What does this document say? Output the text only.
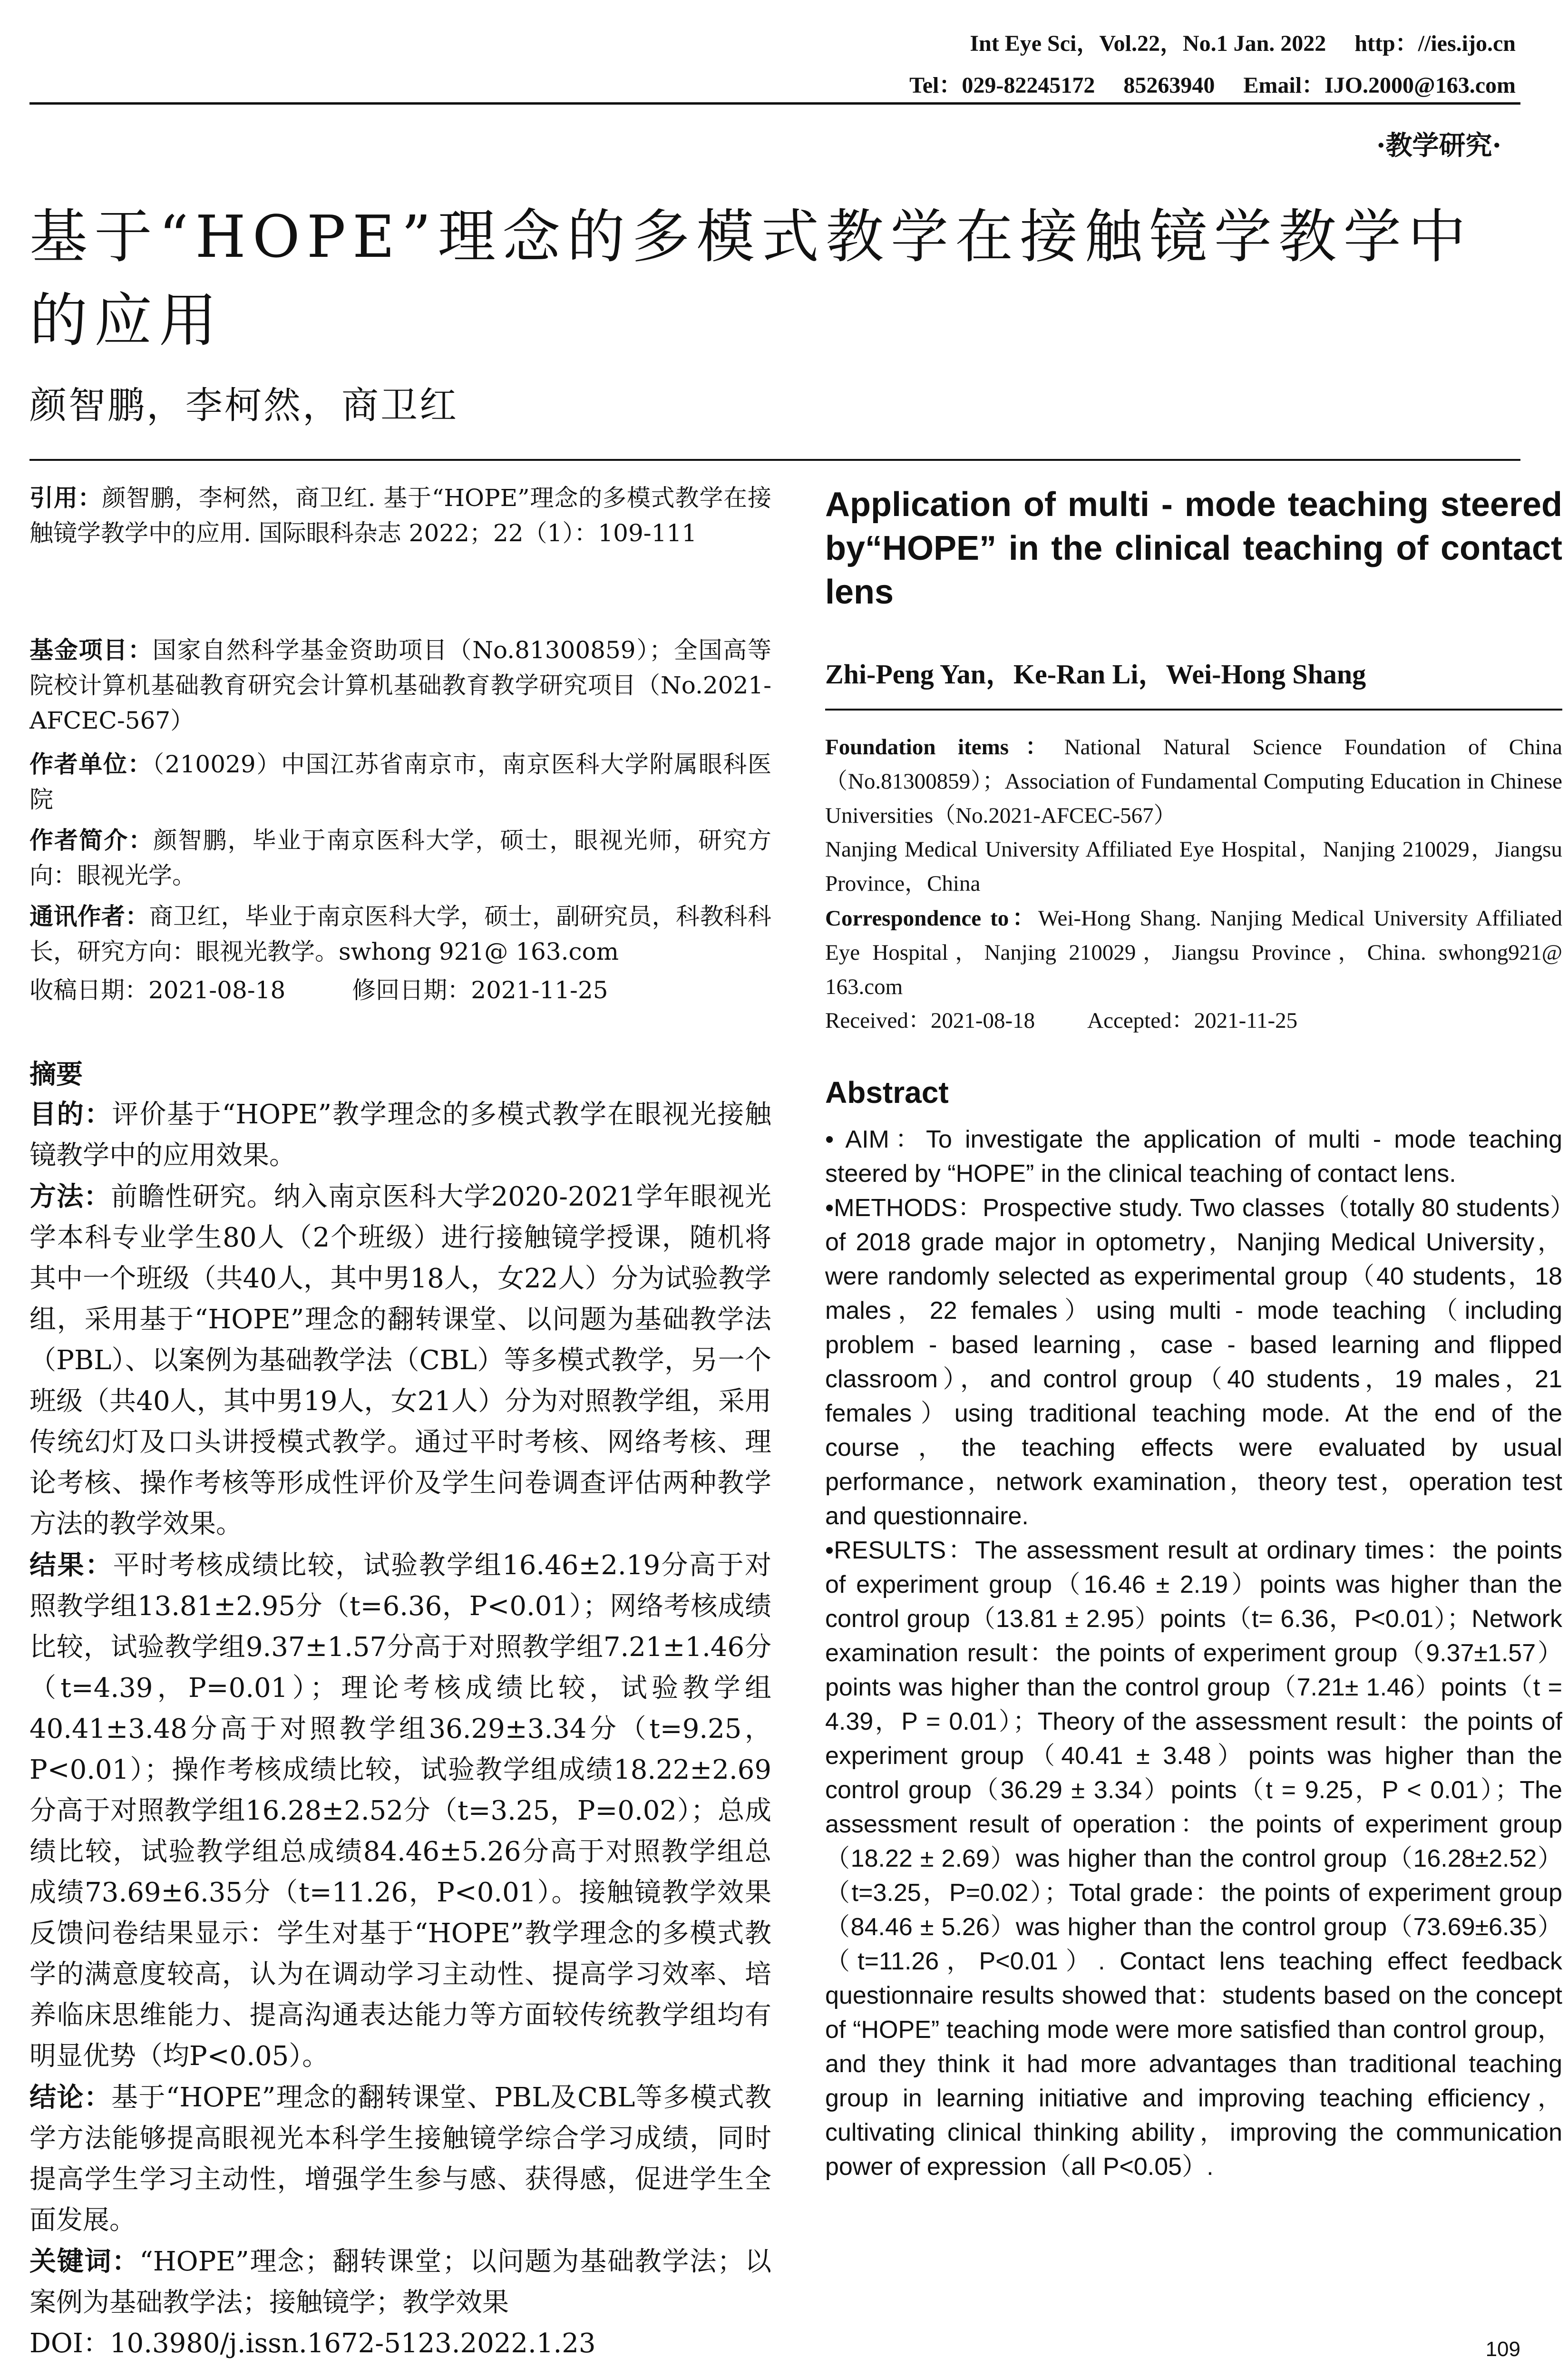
Int Eye Sci，Vol.22，No.1 Jan. 2022 http：//ies.ijo.cn
Tel：029-82245172 85263940 Email：IJO.2000@163.com
·教学研究·
基于“HOPE”理念的多模式教学在接触镜学教学中的应用
颜智鹏，李柯然，商卫红
引用：颜智鹏，李柯然，商卫红. 基于“HOPE”理念的多模式教学在接触镜学教学中的应用. 国际眼科杂志 2022；22（1）：109-111
基金项目：国家自然科学基金资助项目（No.81300859）；全国高等院校计算机基础教育研究会计算机基础教育教学研究项目（No.2021-AFCEC-567）
作者单位：（210029）中国江苏省南京市，南京医科大学附属眼科医院
作者简介：颜智鹏，毕业于南京医科大学，硕士，眼视光师，研究方向：眼视光学。
通讯作者：商卫红，毕业于南京医科大学，硕士，副研究员，科教科科长，研究方向：眼视光教学。swhong 921@ 163.com
收稿日期：2021-08-18	修回日期：2021-11-25
摘要
目的：评价基于“HOPE”教学理念的多模式教学在眼视光接触镜教学中的应用效果。
方法：前瞻性研究。纳入南京医科大学2020-2021学年眼视光学本科专业学生80人（2个班级）进行接触镜学授课，随机将其中一个班级（共40人，其中男18人，女22人）分为试验教学组，采用基于“HOPE”理念的翻转课堂、以问题为基础教学法（PBL）、以案例为基础教学法（CBL）等多模式教学，另一个班级（共40人，其中男19人，女21人）分为对照教学组，采用传统幻灯及口头讲授模式教学。通过平时考核、网络考核、理论考核、操作考核等形成性评价及学生问卷调查评估两种教学方法的教学效果。
结果：平时考核成绩比较，试验教学组16.46±2.19分高于对照教学组13.81±2.95分（t=6.36，P<0.01）；网络考核成绩比较，试验教学组9.37±1.57分高于对照教学组7.21±1.46分（t=4.39，P=0.01）；理论考核成绩比较，试验教学组40.41±3.48分高于对照教学组36.29±3.34分（t=9.25，P<0.01）；操作考核成绩比较，试验教学组成绩18.22±2.69分高于对照教学组16.28±2.52分（t=3.25，P=0.02）；总成绩比较，试验教学组总成绩84.46±5.26分高于对照教学组总成绩73.69±6.35分（t=11.26，P<0.01）。接触镜教学效果反馈问卷结果显示：学生对基于“HOPE”教学理念的多模式教学的满意度较高，认为在调动学习主动性、提高学习效率、培养临床思维能力、提高沟通表达能力等方面较传统教学组均有明显优势（均P<0.05）。
结论：基于“HOPE”理念的翻转课堂、PBL及CBL等多模式教学方法能够提高眼视光本科学生接触镜学综合学习成绩，同时提高学生学习主动性，增强学生参与感、获得感，促进学生全面发展。
关键词：“HOPE”理念；翻转课堂；以问题为基础教学法；以案例为基础教学法；接触镜学；教学效果
DOI：10.3980/j.issn.1672-5123.2022.1.23
Application of multi - mode teaching steered by“HOPE” in the clinical teaching of contact lens
Zhi-Peng Yan，Ke-Ran Li，Wei-Hong Shang
Foundation items：National Natural Science Foundation of China（No.81300859）；Association of Fundamental Computing Education in Chinese Universities（No.2021-AFCEC-567）
Nanjing Medical University Affiliated Eye Hospital，Nanjing 210029，Jiangsu Province，China
Correspondence to：Wei-Hong Shang. Nanjing Medical University Affiliated Eye Hospital，Nanjing 210029，Jiangsu Province，China. swhong921@ 163.com
Received：2021-08-18 Accepted：2021-11-25
Abstract
• AIM：To investigate the application of multi - mode teaching steered by “HOPE” in the clinical teaching of contact lens.
•METHODS：Prospective study. Two classes（totally 80 students）of 2018 grade major in optometry，Nanjing Medical University，were randomly selected as experimental group（40 students，18 males，22 females）using multi - mode teaching（including problem - based learning，case - based learning and flipped classroom），and control group（40 students，19 males，21 females）using traditional teaching mode. At the end of the course，the teaching effects were evaluated by usual performance，network examination，theory test，operation test and questionnaire.
•RESULTS：The assessment result at ordinary times：the points of experiment group（16.46 ± 2.19）points was higher than the control group（13.81 ± 2.95）points（t= 6.36，P<0.01）；Network examination result：the points of experiment group（9.37±1.57）points was higher than the control group（7.21± 1.46）points（t = 4.39，P = 0.01）；Theory of the assessment result：the points of experiment group（40.41 ± 3.48）points was higher than the control group（36.29 ± 3.34）points（t = 9.25，P < 0.01）；The assessment result of operation：the points of experiment group（18.22 ± 2.69）was higher than the control group（16.28±2.52）（t=3.25，P=0.02）；Total grade：the points of experiment group（84.46 ± 5.26）was higher than the control group（73.69±6.35）（t=11.26，P<0.01）. Contact lens teaching effect feedback questionnaire results showed that：students based on the concept of “HOPE” teaching mode were more satisfied than control group，and they think it had more advantages than traditional teaching group in learning initiative and improving teaching efficiency，cultivating clinical thinking ability，improving the communication power of expression（all P<0.05）.
109
